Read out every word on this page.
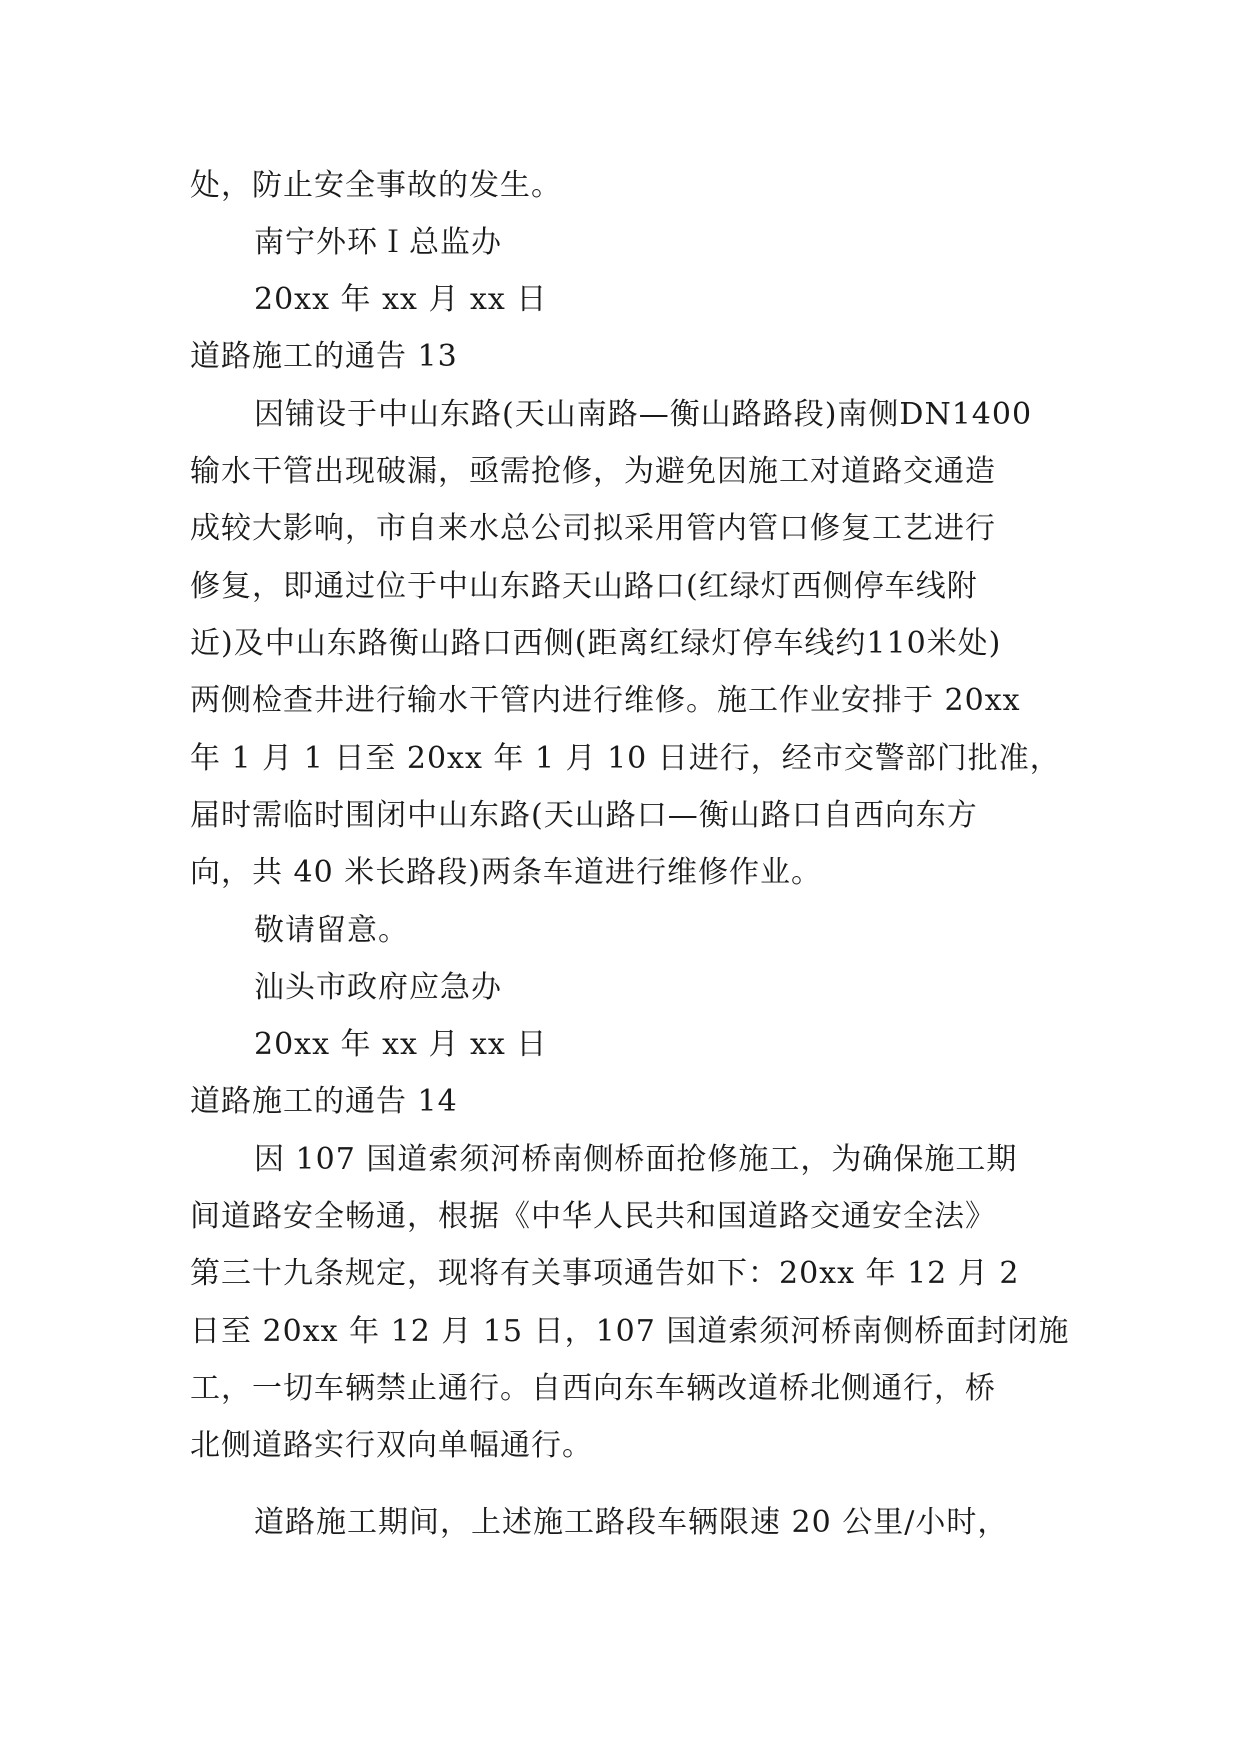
处，防止安全事故的发生。
南宁外环Ｉ总监办
20xx 年 xx 月 xx 日
道路施工的通告 13
因铺设于中山东路(天山南路—衡山路路段)南侧DN1400
输水干管出现破漏，亟需抢修，为避免因施工对道路交通造
成较大影响，市自来水总公司拟采用管内管口修复工艺进行
修复，即通过位于中山东路天山路口(红绿灯西侧停车线附
近)及中山东路衡山路口西侧(距离红绿灯停车线约110米处)
两侧检查井进行输水干管内进行维修。施工作业安排于 20xx
年 1 月 1 日至 20xx 年 1 月 10 日进行，经市交警部门批准，
届时需临时围闭中山东路(天山路口—衡山路口自西向东方
向，共 40 米长路段)两条车道进行维修作业。
敬请留意。
汕头市政府应急办
20xx 年 xx 月 xx 日
道路施工的通告 14
因 107 国道索须河桥南侧桥面抢修施工，为确保施工期
间道路安全畅通，根据《中华人民共和国道路交通安全法》
第三十九条规定，现将有关事项通告如下：20xx 年 12 月 2
日至 20xx 年 12 月 15 日，107 国道索须河桥南侧桥面封闭施
工，一切车辆禁止通行。自西向东车辆改道桥北侧通行，桥
北侧道路实行双向单幅通行。
道路施工期间，上述施工路段车辆限速 20 公里/小时，
